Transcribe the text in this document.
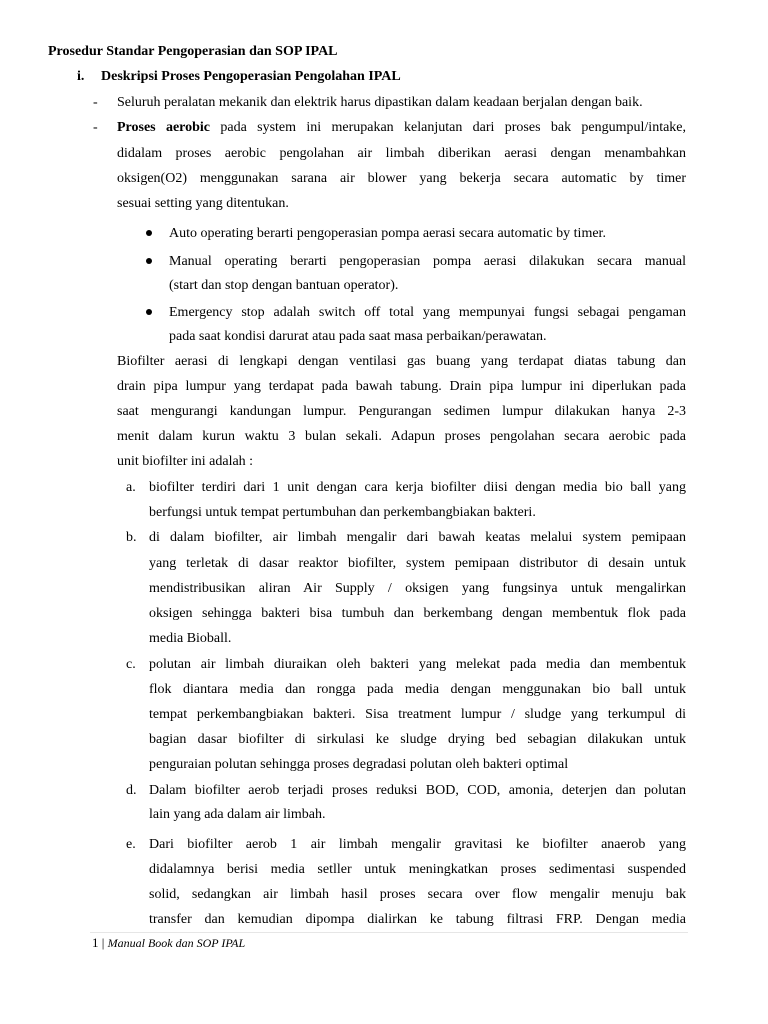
Prosedur Standar Pengoperasian dan SOP IPAL
i. Deskripsi Proses Pengoperasian Pengolahan IPAL
- Seluruh peralatan mekanik dan elektrik harus dipastikan dalam keadaan berjalan dengan baik.
- Proses aerobic pada system ini merupakan kelanjutan dari proses bak pengumpul/intake,
didalam proses aerobic pengolahan air limbah diberikan aerasi dengan menambahkan
oksigen(O2) menggunakan sarana air blower yang bekerja secara automatic by timer
sesuai setting yang ditentukan.
Auto operating berarti pengoperasian pompa aerasi secara automatic by timer.
Manual operating berarti pengoperasian pompa aerasi dilakukan secara manual
(start dan stop dengan bantuan operator).
Emergency stop adalah switch off total yang mempunyai fungsi sebagai pengaman
pada saat kondisi darurat atau pada saat masa perbaikan/perawatan.
Biofilter aerasi di lengkapi dengan ventilasi gas buang yang terdapat diatas tabung dan
drain pipa lumpur yang terdapat pada bawah tabung. Drain pipa lumpur ini diperlukan pada
saat mengurangi kandungan lumpur. Pengurangan sedimen lumpur dilakukan hanya 2-3
menit dalam kurun waktu 3 bulan sekali. Adapun proses pengolahan secara aerobic pada
unit biofilter ini adalah :
a. biofilter terdiri dari 1 unit dengan cara kerja biofilter diisi dengan media bio ball yang
berfungsi untuk tempat pertumbuhan dan perkembangbiakan bakteri.
b. di dalam biofilter, air limbah mengalir dari bawah keatas melalui system pemipaan
yang terletak di dasar reaktor biofilter, system pemipaan distributor di desain untuk
mendistribusikan aliran Air Supply / oksigen yang fungsinya untuk mengalirkan
oksigen sehingga bakteri bisa tumbuh dan berkembang dengan membentuk flok pada
media Bioball.
c. polutan air limbah diuraikan oleh bakteri yang melekat pada media dan membentuk
flok diantara media dan rongga pada media dengan menggunakan bio ball untuk
tempat perkembangbiakan bakteri. Sisa treatment lumpur / sludge yang terkumpul di
bagian dasar biofilter di sirkulasi ke sludge drying bed sebagian dilakukan untuk
penguraian polutan sehingga proses degradasi polutan oleh bakteri optimal
d. Dalam biofilter aerob terjadi proses reduksi BOD, COD, amonia, deterjen dan polutan
lain yang ada dalam air limbah.
e. Dari biofilter aerob 1 air limbah mengalir gravitasi ke biofilter anaerob yang
didalamnya berisi media setller untuk meningkatkan proses sedimentasi suspended
solid, sedangkan air limbah hasil proses secara over flow mengalir menuju bak
transfer dan kemudian dipompa dialirkan ke tabung filtrasi FRP. Dengan media
1 | Manual Book dan SOP IPAL
